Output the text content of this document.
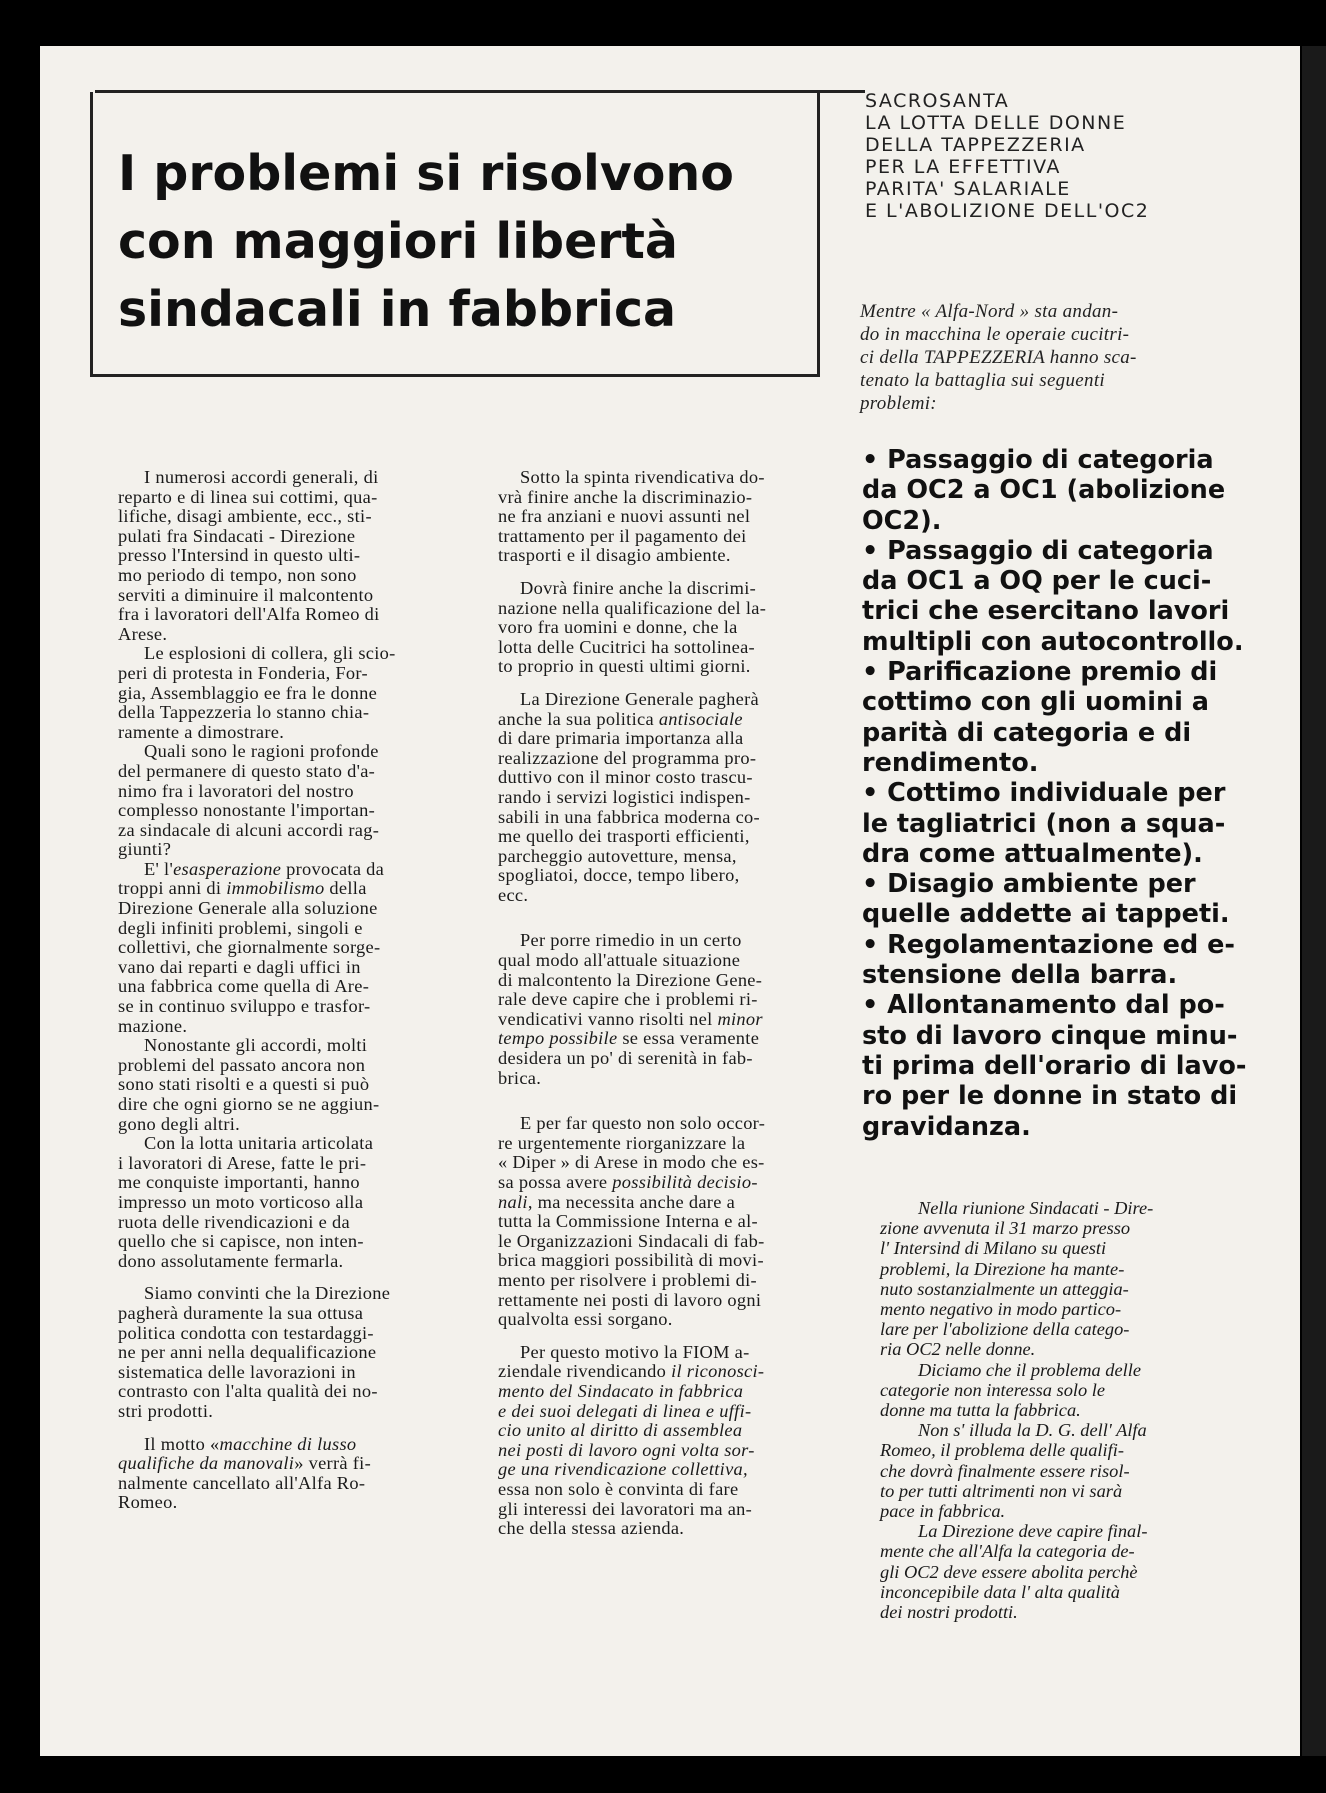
I problemi si risolvono
con maggiori libertà
sindacali in fabbrica
SACROSANTA
LA LOTTA DELLE DONNE
DELLA TAPPEZZERIA
PER LA EFFETTIVA
PARITA' SALARIALE
E L'ABOLIZIONE DELL'OC2
Mentre « Alfa-Nord » sta andan-
do in macchina le operaie cucitri-
ci della TAPPEZZERIA hanno sca-
tenato la battaglia sui seguenti
problemi:
• Passaggio di categoria
da OC2 a OC1 (abolizione
OC2).
• Passaggio di categoria
da OC1 a OQ per le cuci-
trici che esercitano lavori
multipli con autocontrollo.
• Parificazione premio di
cottimo con gli uomini a
parità di categoria e di
rendimento.
• Cottimo individuale per
le tagliatrici (non a squa-
dra come attualmente).
• Disagio ambiente per
quelle addette ai tappeti.
• Regolamentazione ed e-
stensione della barra.
• Allontanamento dal po-
sto di lavoro cinque minu-
ti prima dell'orario di lavo-
ro per le donne in stato di
gravidanza.
I numerosi accordi generali, di
reparto e di linea sui cottimi, qua-
lifiche, disagi ambiente, ecc., sti-
pulati fra Sindacati - Direzione
presso l'Intersind in questo ulti-
mo periodo di tempo, non sono
serviti a diminuire il malcontento
fra i lavoratori dell'Alfa Romeo di
Arese.
Le esplosioni di collera, gli scio-
peri di protesta in Fonderia, For-
gia, Assemblaggio ee fra le donne
della Tappezzeria lo stanno chia-
ramente a dimostrare.
Quali sono le ragioni profonde
del permanere di questo stato d'a-
nimo fra i lavoratori del nostro
complesso nonostante l'importan-
za sindacale di alcuni accordi rag-
giunti?
E' l'esasperazione provocata da
troppi anni di immobilismo della
Direzione Generale alla soluzione
degli infiniti problemi, singoli e
collettivi, che giornalmente sorge-
vano dai reparti e dagli uffici in
una fabbrica come quella di Are-
se in continuo sviluppo e trasfor-
mazione.
Nonostante gli accordi, molti
problemi del passato ancora non
sono stati risolti e a questi si può
dire che ogni giorno se ne aggiun-
gono degli altri.
Con la lotta unitaria articolata
i lavoratori di Arese, fatte le pri-
me conquiste importanti, hanno
impresso un moto vorticoso alla
ruota delle rivendicazioni e da
quello che si capisce, non inten-
dono assolutamente fermarla.
Siamo convinti che la Direzione
pagherà duramente la sua ottusa
politica condotta con testardaggi-
ne per anni nella dequalificazione
sistematica delle lavorazioni in
contrasto con l'alta qualità dei no-
stri prodotti.
Il motto «macchine di lusso
qualifiche da manovali» verrà fi-
nalmente cancellato all'Alfa Ro-
Romeo.
Sotto la spinta rivendicativa do-
vrà finire anche la discriminazio-
ne fra anziani e nuovi assunti nel
trattamento per il pagamento dei
trasporti e il disagio ambiente.
Dovrà finire anche la discrimi-
nazione nella qualificazione del la-
voro fra uomini e donne, che la
lotta delle Cucitrici ha sottolinea-
to proprio in questi ultimi giorni.
La Direzione Generale pagherà
anche la sua politica antisociale
di dare primaria importanza alla
realizzazione del programma pro-
duttivo con il minor costo trascu-
rando i servizi logistici indispen-
sabili in una fabbrica moderna co-
me quello dei trasporti efficienti,
parcheggio autovetture, mensa,
spogliatoi, docce, tempo libero,
ecc.
Per porre rimedio in un certo
qual modo all'attuale situazione
di malcontento la Direzione Gene-
rale deve capire che i problemi ri-
vendicativi vanno risolti nel minor
tempo possibile se essa veramente
desidera un po' di serenità in fab-
brica.
E per far questo non solo occor-
re urgentemente riorganizzare la
« Diper » di Arese in modo che es-
sa possa avere possibilità decisio-
nali, ma necessita anche dare a
tutta la Commissione Interna e al-
le Organizzazioni Sindacali di fab-
brica maggiori possibilità di movi-
mento per risolvere i problemi di-
rettamente nei posti di lavoro ogni
qualvolta essi sorgano.
Per questo motivo la FIOM a-
ziendale rivendicando il riconosci-
mento del Sindacato in fabbrica
e dei suoi delegati di linea e uffi-
cio unito al diritto di assemblea
nei posti di lavoro ogni volta sor-
ge una rivendicazione collettiva,
essa non solo è convinta di fare
gli interessi dei lavoratori ma an-
che della stessa azienda.
Nella riunione Sindacati - Dire-
zione avvenuta il 31 marzo presso
l' Intersind di Milano su questi
problemi, la Direzione ha mante-
nuto sostanzialmente un atteggia-
mento negativo in modo partico-
lare per l'abolizione della catego-
ria OC2 nelle donne.
Diciamo che il problema delle
categorie non interessa solo le
donne ma tutta la fabbrica.
Non s' illuda la D. G. dell' Alfa
Romeo, il problema delle qualifi-
che dovrà finalmente essere risol-
to per tutti altrimenti non vi sarà
pace in fabbrica.
La Direzione deve capire final-
mente che all'Alfa la categoria de-
gli OC2 deve essere abolita perchè
inconcepibile data l' alta qualità
dei nostri prodotti.
